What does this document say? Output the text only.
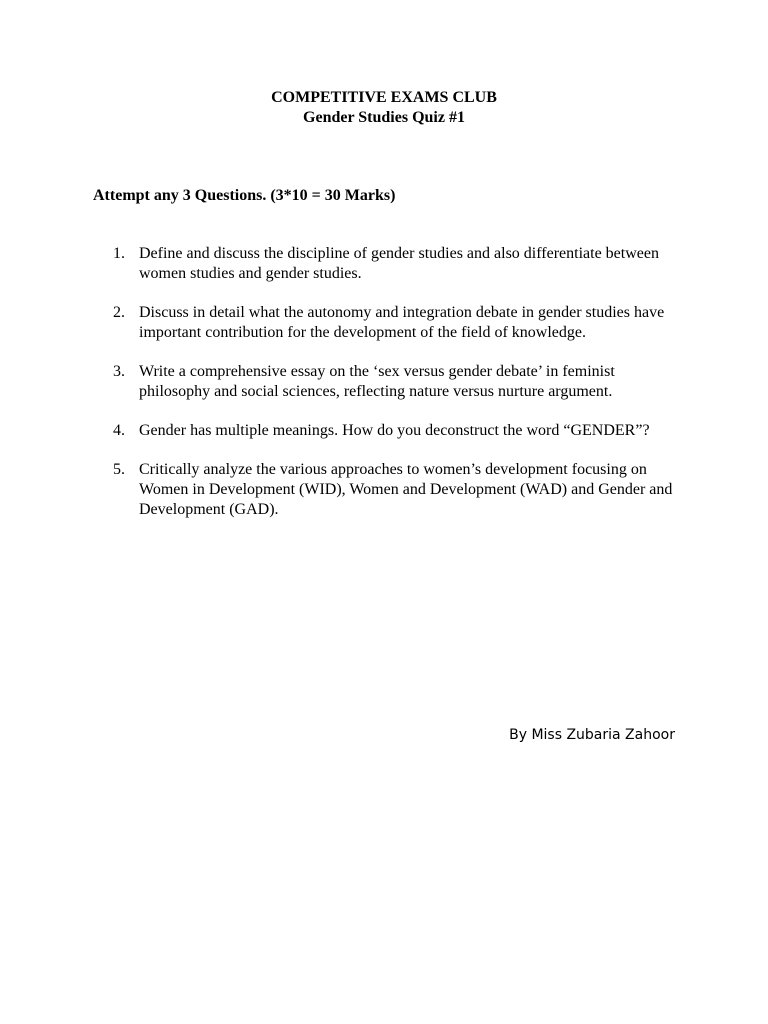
COMPETITIVE EXAMS CLUB
Gender Studies Quiz #1
Attempt any 3 Questions. (3*10 = 30 Marks)
1. Define and discuss the discipline of gender studies and also differentiate between women studies and gender studies.
2. Discuss in detail what the autonomy and integration debate in gender studies have important contribution for the development of the field of knowledge.
3. Write a comprehensive essay on the ‘sex versus gender debate’ in feminist philosophy and social sciences, reflecting nature versus nurture argument.
4. Gender has multiple meanings. How do you deconstruct the word “GENDER”?
5. Critically analyze the various approaches to women’s development focusing on Women in Development (WID), Women and Development (WAD) and Gender and Development (GAD).
By Miss Zubaria Zahoor
